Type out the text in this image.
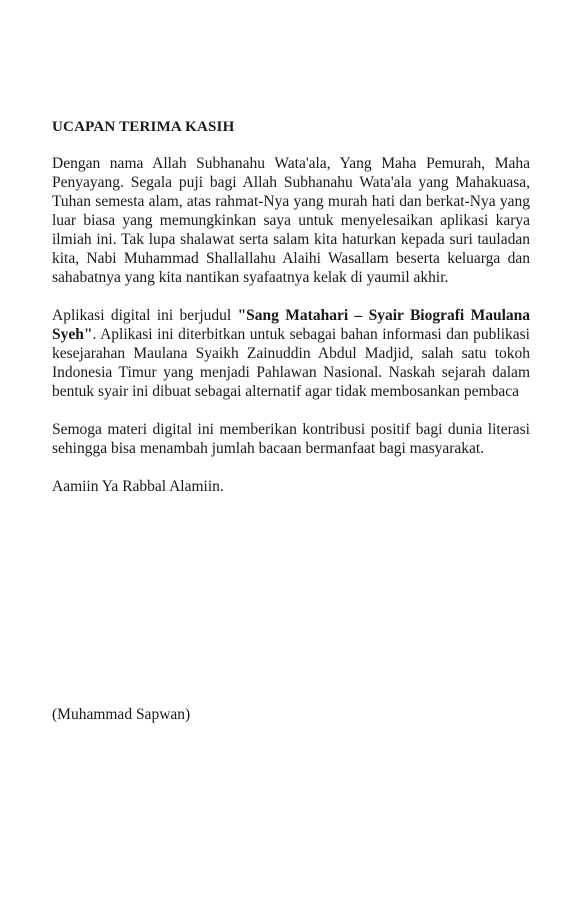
UCAPAN TERIMA KASIH

Dengan nama Allah Subhanahu Wata'ala, Yang Maha Pemurah, Maha Penyayang. Segala puji bagi Allah Subhanahu Wata'ala yang Mahakuasa, Tuhan semesta alam, atas rahmat-Nya yang murah hati dan berkat-Nya yang luar biasa yang memungkinkan saya untuk menyelesaikan aplikasi karya ilmiah ini. Tak lupa shalawat serta salam kita haturkan kepada suri tauladan kita, Nabi Muhammad Shallallahu Alaihi Wasallam beserta keluarga dan sahabatnya yang kita nantikan syafaatnya kelak di yaumil akhir.

Aplikasi digital ini berjudul "Sang Matahari – Syair Biografi Maulana Syeh". Aplikasi ini diterbitkan untuk sebagai bahan informasi dan publikasi kesejarahan Maulana Syaikh Zainuddin Abdul Madjid, salah satu tokoh Indonesia Timur yang menjadi Pahlawan Nasional. Naskah sejarah dalam bentuk syair ini dibuat sebagai alternatif agar tidak membosankan pembaca

Semoga materi digital ini memberikan kontribusi positif bagi dunia literasi sehingga bisa menambah jumlah bacaan bermanfaat bagi masyarakat.

Aamiin Ya Rabbal Alamiin.

(Muhammad Sapwan)
